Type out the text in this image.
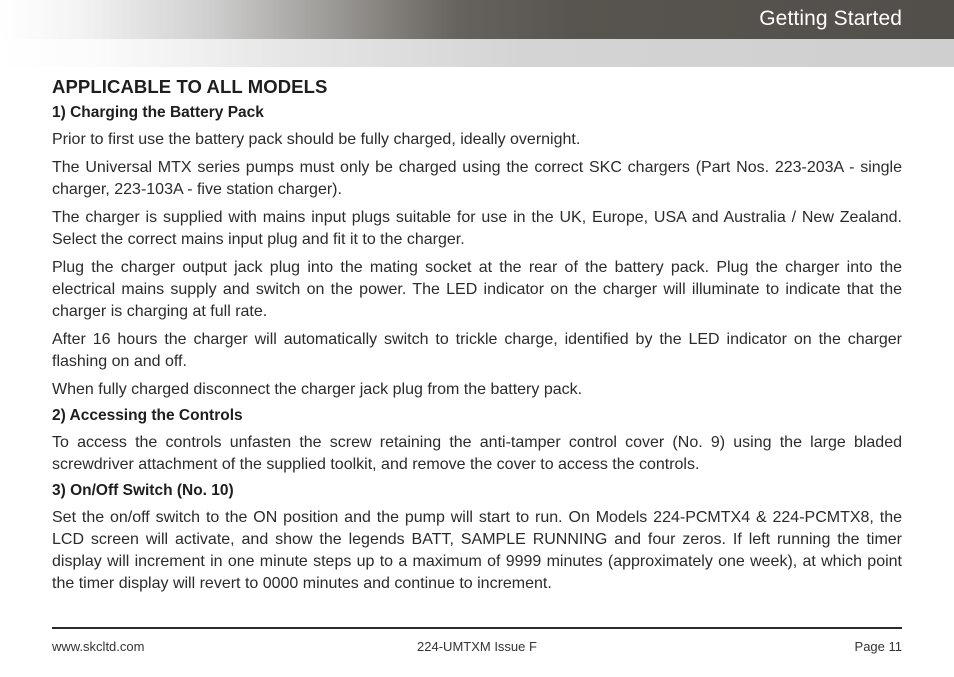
Getting Started
APPLICABLE TO ALL MODELS
1) Charging the Battery Pack

Prior to first use the battery pack should be fully charged, ideally overnight.

The Universal MTX series pumps must only be charged using the correct SKC chargers (Part Nos. 223-203A - single charger, 223-103A - five station charger).

The charger is supplied with mains input plugs suitable for use in the UK, Europe, USA and Australia / New Zealand. Select the correct mains input plug and fit it to the charger.

Plug the charger output jack plug into the mating socket at the rear of the battery pack. Plug the charger into the electrical mains supply and switch on the power. The LED indicator on the charger will illuminate to indicate that the charger is charging at full rate.

After 16 hours the charger will automatically switch to trickle charge, identified by the LED indicator on the charger flashing on and off.

When fully charged disconnect the charger jack plug from the battery pack.

2) Accessing the Controls

To access the controls unfasten the screw retaining the anti-tamper control cover (No. 9) using the large bladed screwdriver attachment of the supplied toolkit, and remove the cover to access the controls.

3) On/Off Switch (No. 10)

Set the on/off switch to the ON position and the pump will start to run. On Models 224-PCMTX4 & 224-PCMTX8, the LCD screen will activate, and show the legends BATT, SAMPLE RUNNING and four zeros. If left running the timer display will increment in one minute steps up to a maximum of 9999 minutes (approximately one week), at which point the timer display will revert to 0000 minutes and continue to increment.

www.skcltd.com	224-UMTXM Issue F	Page 11
